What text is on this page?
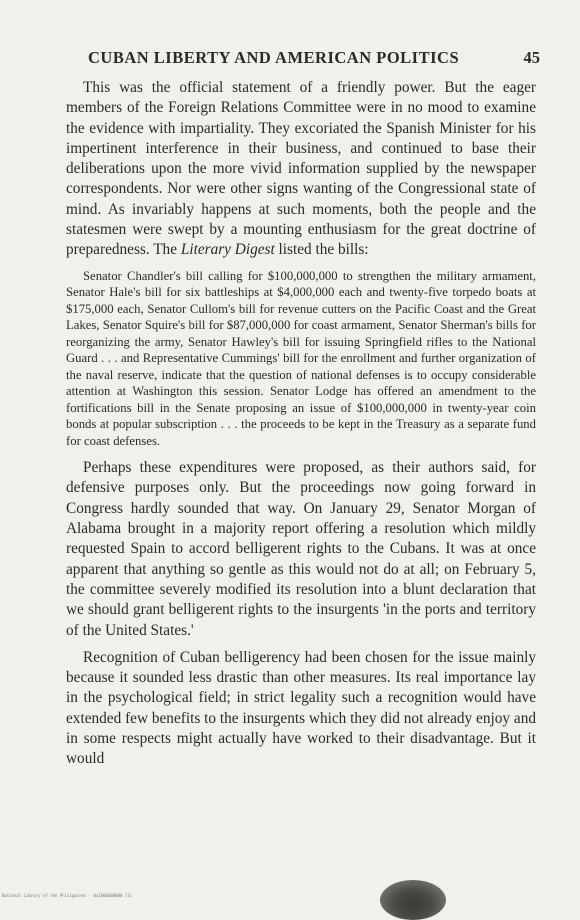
CUBAN LIBERTY AND AMERICAN POLITICS	45

This was the official statement of a friendly power. But the eager members of the Foreign Relations Committee were in no mood to examine the evidence with impartiality. They excoriated the Spanish Minister for his impertinent interference in their business, and continued to base their deliberations upon the more vivid information supplied by the newspaper correspondents. Nor were other signs wanting of the Congressional state of mind. As invariably happens at such moments, both the people and the statesmen were swept by a mounting enthusiasm for the great doctrine of preparedness. The Literary Digest listed the bills:

Senator Chandler's bill calling for $100,000,000 to strengthen the military armament, Senator Hale's bill for six battleships at $4,000,000 each and twenty-five torpedo boats at $175,000 each, Senator Cullom's bill for revenue cutters on the Pacific Coast and the Great Lakes, Senator Squire's bill for $87,000,000 for coast armament, Senator Sherman's bills for reorganizing the army, Senator Hawley's bill for issuing Springfield rifles to the National Guard . . . and Representative Cummings' bill for the enrollment and further organization of the naval reserve, indicate that the question of national defenses is to occupy considerable attention at Washington this session. Senator Lodge has offered an amendment to the fortifications bill in the Senate proposing an issue of $100,000,000 in twenty-year coin bonds at popular subscription . . . the proceeds to be kept in the Treasury as a separate fund for coast defenses.

Perhaps these expenditures were proposed, as their authors said, for defensive purposes only. But the proceedings now going forward in Congress hardly sounded that way. On January 29, Senator Morgan of Alabama brought in a majority report offering a resolution which mildly requested Spain to accord belligerent rights to the Cubans. It was at once apparent that anything so gentle as this would not do at all; on February 5, the committee severely modified its resolution into a blunt declaration that we should grant belligerent rights to the insurgents 'in the ports and territory of the United States.'

Recognition of Cuban belligerency had been chosen for the issue mainly because it sounded less drastic than other measures. Its real importance lay in the psychological field; in strict legality such a recognition would have extended few benefits to the insurgents which they did not already enjoy and in some respects might actually have worked to their disadvantage. But it would

National Library of the Philippines · 0x1000000000 [1]
